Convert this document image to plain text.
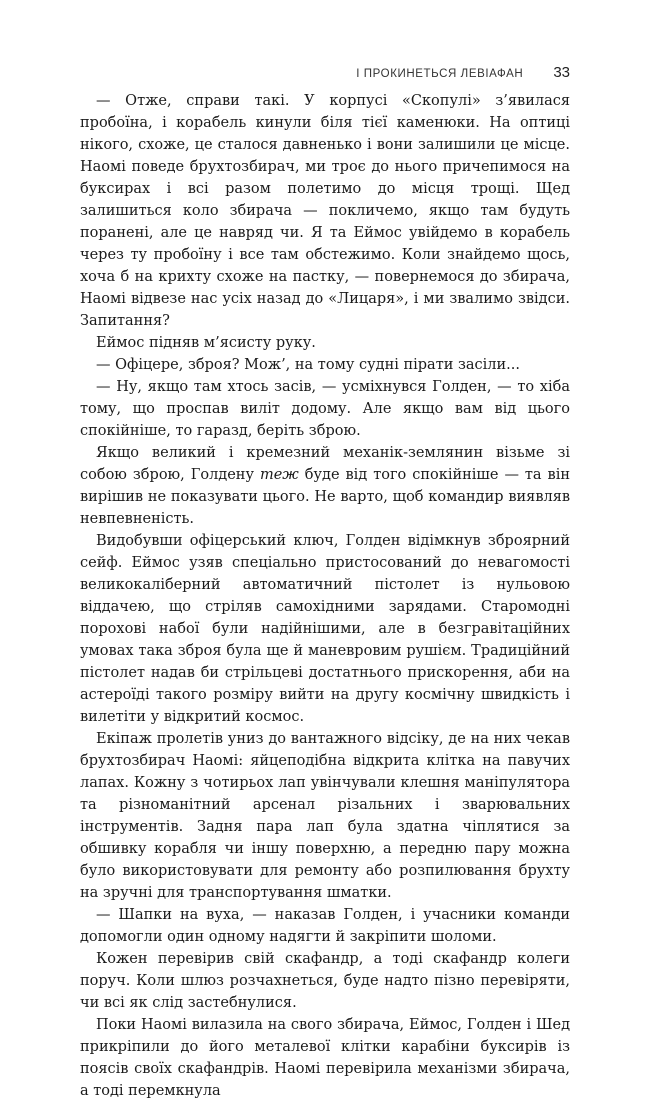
І ПРОКИНЕТЬСЯ ЛЕВІАФАН 33

— Отже, справи такі. У корпусі «Скопулі» з’явилася пробоїна, і корабель кинули біля тієї каменюки. На оптиці нікого, схоже, це сталося давненько і вони залишили це місце. Наомі поведе брухтозбирач, ми троє до нього причепимося на буксирах і всі разом полетимо до місця трощі. Щед залишиться коло збирача — покличемо, якщо там будуть поранені, але це навряд чи. Я та Еймос увійдемо в корабель через ту пробоїну і все там обстежимо. Коли знайдемо щось, хоча б на крихту схоже на пастку, — повернемося до збирача, Наомі відвезе нас усіх назад до «Лицаря», і ми звалимо звідси. Запитання?

Еймос підняв м’ясисту руку.

— Офіцере, зброя? Мож’, на тому судні пірати засіли...

— Ну, якщо там хтось засів, — усміхнувся Голден, — то хіба тому, що проспав виліт додому. Але якщо вам від цього спокійніше, то гаразд, беріть зброю.

Якщо великий і кремезний механік-землянин візьме зі собою зброю, Голдену теж буде від того спокійніше — та він вирішив не показувати цього. Не варто, щоб командир виявляв невпевненість.

Видобувши офіцерський ключ, Голден відімкнув зброярний сейф. Еймос узяв спеціально пристосований до невагомості великокаліберний автоматичний пістолет із нульовою віддачею, що стріляв самохідними зарядами. Старомодні порохові набої були надійнішими, але в безгравітаційних умовах така зброя була ще й маневровим рушієм. Традиційний пістолет надав би стрільцеві достатнього прискорення, аби на астероїді такого розміру вийти на другу космічну швидкість і вилетіти у відкритий космос.

Екіпаж пролетів униз до вантажного відсіку, де на них чекав брухтозбирач Наомі: яйцеподібна відкрита клітка на павучих лапах. Кожну з чотирьох лап увінчували клешня маніпулятора та різноманітний арсенал різальних і зварювальних інструментів. Задня пара лап була здатна чіплятися за обшивку корабля чи іншу поверхню, а передню пару можна було використовувати для ремонту або розпилювання брухту на зручні для транспортування шматки.

— Шапки на вуха, — наказав Голден, і учасники команди допомогли один одному надягти й закріпити шоломи.

Кожен перевірив свій скафандр, а тоді скафандр колеги поруч. Коли шлюз розчахнеться, буде надто пізно перевіряти, чи всі як слід застебнулися.

Поки Наомі вилазила на свого збирача, Еймос, Голден і Шед прикріпили до його металевої клітки карабіни буксирів із поясів своїх скафандрів. Наомі перевірила механізми збирача, а тоді перемкнула
